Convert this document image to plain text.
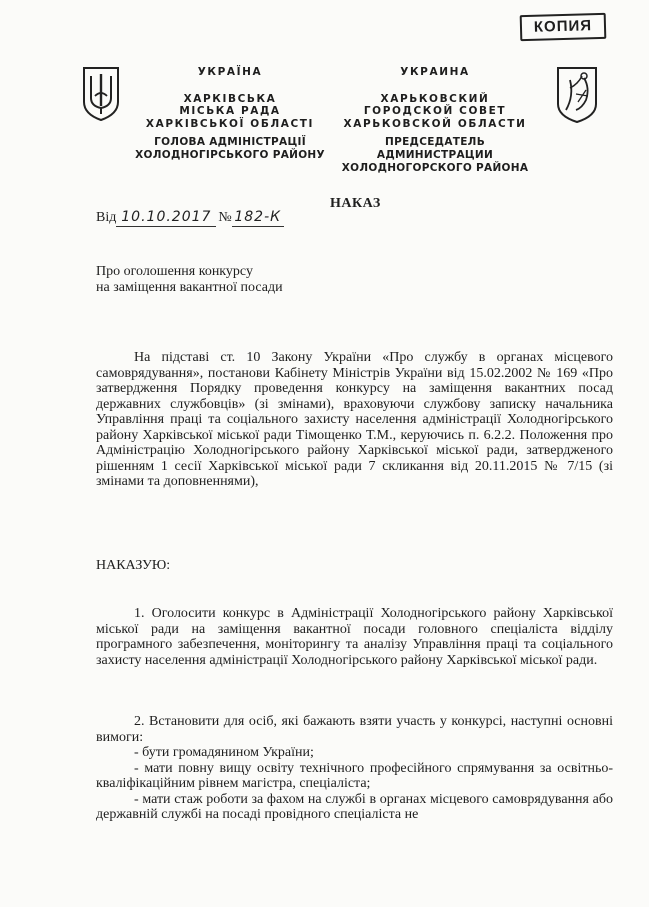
КОПИЯ
УКРАЇНА
ХАРКІВСЬКА
МІСЬКА РАДА
ХАРКІВСЬКОЇ ОБЛАСТІ
ГОЛОВА АДМІНІСТРАЦІЇ
ХОЛОДНОГІРСЬКОГО РАЙОНУ
УКРАИНА
ХАРЬКОВСКИЙ
ГОРОДСКОЙ СОВЕТ
ХАРЬКОВСКОЙ ОБЛАСТИ
ПРЕДСЕДАТЕЛЬ АДМИНИСТРАЦИИ
ХОЛОДНОГОРСКОГО РАЙОНА
НАКАЗ
Від 10.10.2017 № 182-К
Про оголошення конкурсу
на заміщення вакантної посади
На підставі ст. 10 Закону України «Про службу в органах місцевого самоврядування», постанови Кабінету Міністрів України від 15.02.2002 № 169 «Про затвердження Порядку проведення конкурсу на заміщення вакантних посад державних службовців» (зі змінами), враховуючи службову записку начальника Управління праці та соціального захисту населення адміністрації Холодногірського району Харківської міської ради Тімощенко Т.М., керуючись п. 6.2.2. Положення про Адміністрацію Холодногірського району Харківської міської ради, затвердженого рішенням 1 сесії Харківської міської ради 7 скликання від 20.11.2015 № 7/15 (зі змінами та доповненнями),
НАКАЗУЮ:
1. Оголосити конкурс в Адміністрації Холодногірського району Харківської міської ради на заміщення вакантної посади головного спеціаліста відділу програмного забезпечення, моніторингу та аналізу Управління праці та соціального захисту населення адміністрації Холодногірського району Харківської міської ради.
2. Встановити для осіб, які бажають взяти участь у конкурсі, наступні основні вимоги:
- бути громадянином України;
- мати повну вищу освіту технічного професійного спрямування за освітньо-кваліфікаційним рівнем магістра, спеціаліста;
- мати стаж роботи за фахом на службі в органах місцевого самоврядування або державній службі на посаді провідного спеціаліста не
